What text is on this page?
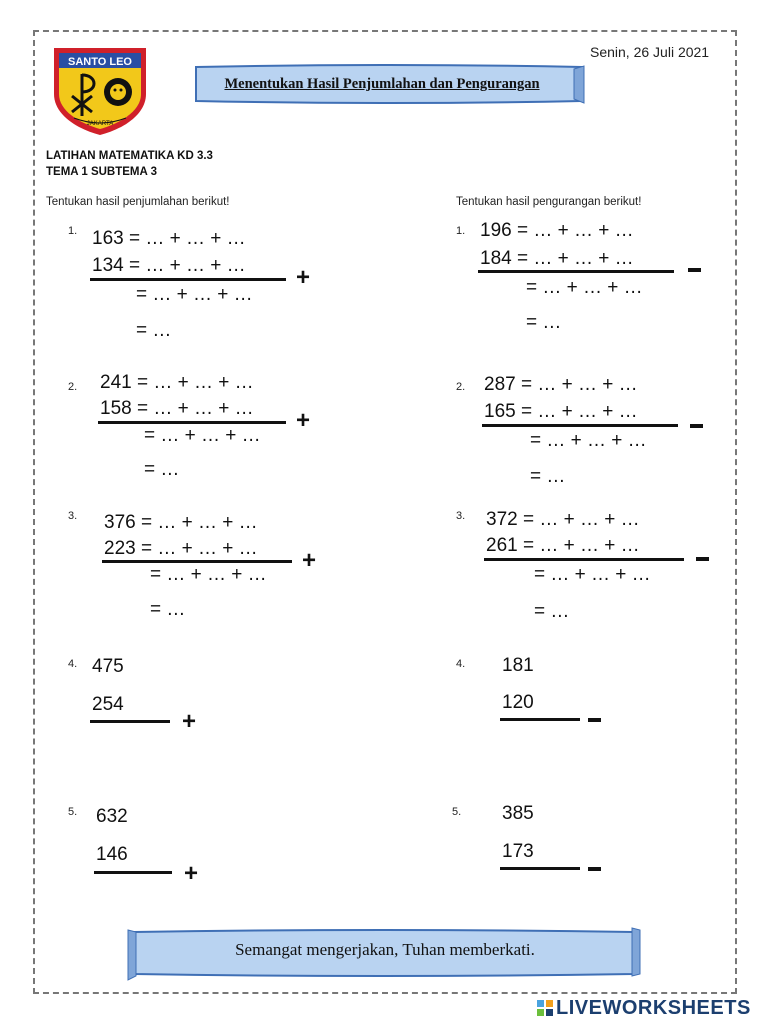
SANTO LEO
JAKARTA
Senin, 26 Juli 2021
Menentukan Hasil Penjumlahan dan Pengurangan
LATIHAN MATEMATIKA KD 3.3
TEMA 1 SUBTEMA 3
Tentukan hasil penjumlahan berikut!	Tentukan hasil pengurangan berikut!
1. 163 = … + … + …
134 = … + … + … +
= … + … + …
= …
2. 241 = … + … + …
158 = … + … + … +
= … + … + …
= …
3. 376 = … + … + …
223 = … + … + … +
= … + … + …
= …
4. 475
254
+
5. 632
146
+
1. 196 = … + … + …
184 = … + … + …
= … + … + …
= …
2. 287 = … + … + …
165 = … + … + …
= … + … + …
= …
3. 372 = … + … + …
261 = … + … + …
= … + … + …
= …
4. 181
120
5. 385
173
Semangat mengerjakan, Tuhan memberkati.
LIVEWORKSHEETS
